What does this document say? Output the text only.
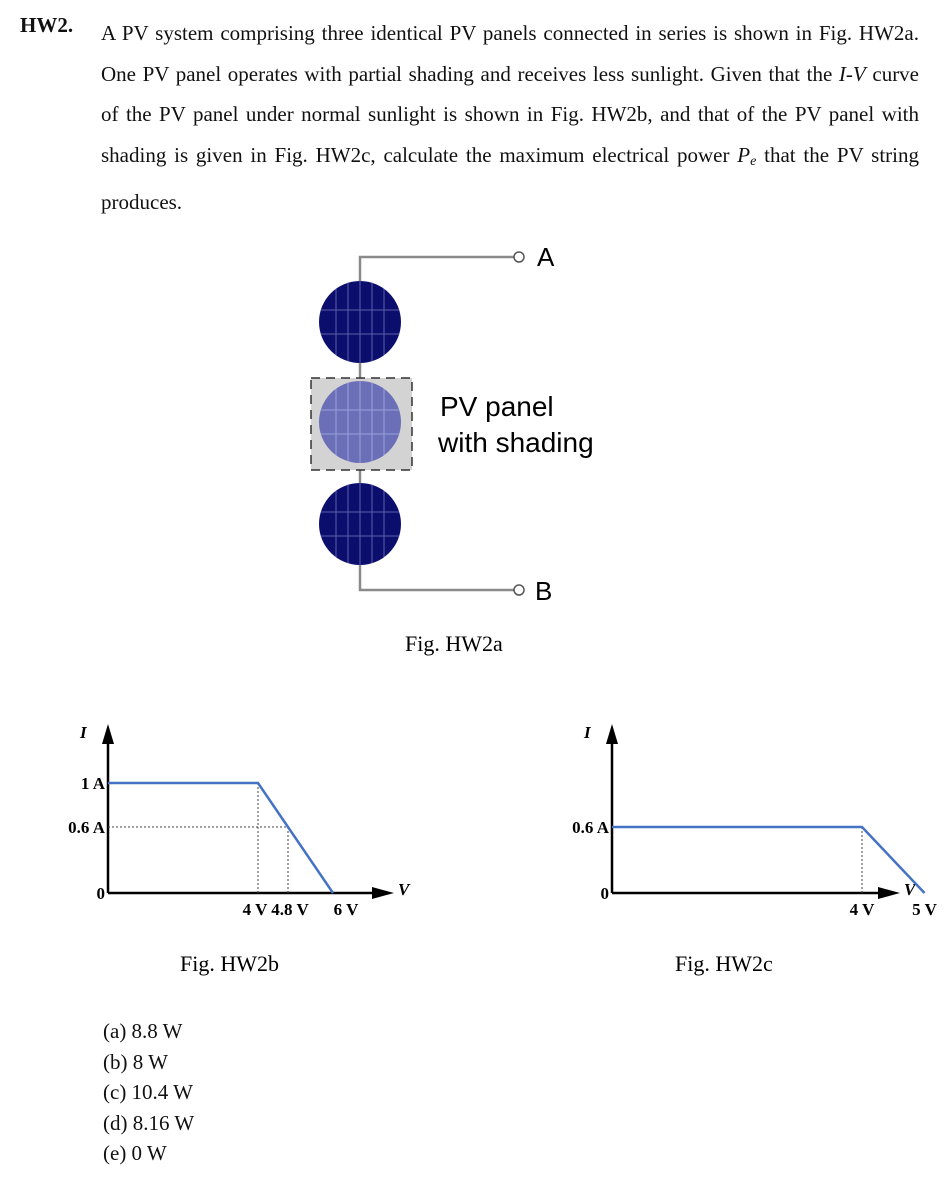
HW2. A PV system comprising three identical PV panels connected in series is shown in Fig. HW2a. One PV panel operates with partial shading and receives less sunlight. Given that the I-V curve of the PV panel under normal sunlight is shown in Fig. HW2b, and that of the PV panel with shading is given in Fig. HW2c, calculate the maximum electrical power $P_e$ that the PV string produces.
A
B
PV panel
with shading
Fig. HW2a
V
I
4 V 4.8 V 6 V
1 A
0.6 A
0
Fig. HW2b
V
I
4 V 5 V
0.6 A
0
Fig. HW2c
(a) 8.8 W
(b) 8 W
(c) 10.4 W
(d) 8.16 W
(e) 0 W
